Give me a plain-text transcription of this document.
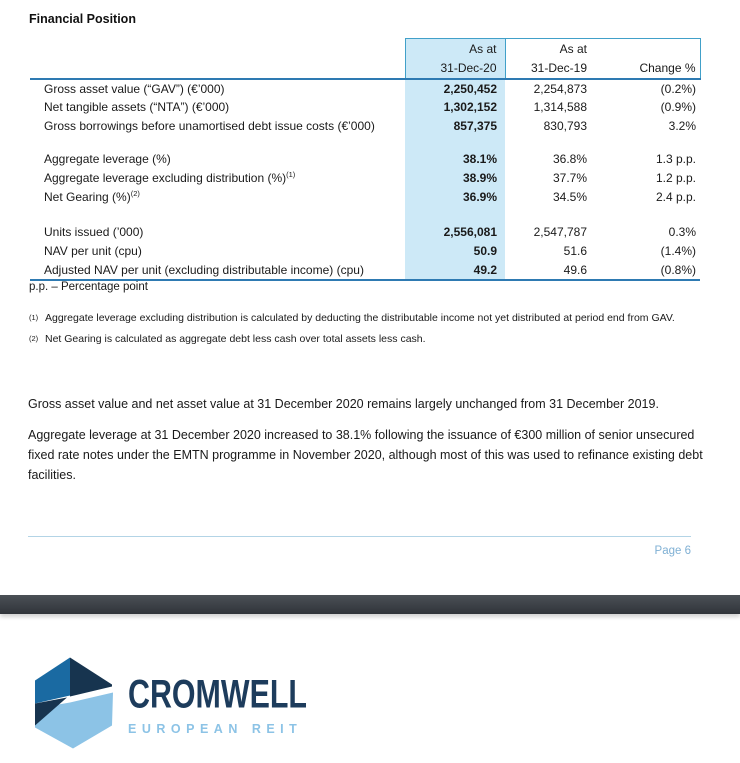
Financial Position
	As at	As at	
	31-Dec-20	31-Dec-19	Change %
Gross asset value (“GAV”) (€’000)	2,250,452	2,254,873	(0.2%)
Net tangible assets (“NTA”) (€’000)	1,302,152	1,314,588	(0.9%)
Gross borrowings before unamortised debt issue costs (€’000)	857,375	830,793	3.2%

Aggregate leverage (%)	38.1%	36.8%	1.3 p.p.
Aggregate leverage excluding distribution (%)$^{(1)}$	38.9%	37.7%	1.2 p.p.
Net Gearing (%)$^{(2)}$	36.9%	34.5%	2.4 p.p.

Units issued (’000)	2,556,081	2,547,787	0.3%
NAV per unit (cpu)	50.9	51.6	(1.4%)
Adjusted NAV per unit (excluding distributable income) (cpu)	49.2	49.6	(0.8%)
p.p. – Percentage point
(1) Aggregate leverage excluding distribution is calculated by deducting the distributable income not yet distributed at period end from GAV.
(2) Net Gearing is calculated as aggregate debt less cash over total assets less cash.

Gross asset value and net asset value at 31 December 2020 remains largely unchanged from 31 December 2019.

Aggregate leverage at 31 December 2020 increased to 38.1% following the issuance of €300 million of senior unsecured fixed rate notes under the EMTN programme in November 2020, although most of this was used to refinance existing debt facilities.

Page 6
CROMWELL
EUROPEAN REIT
